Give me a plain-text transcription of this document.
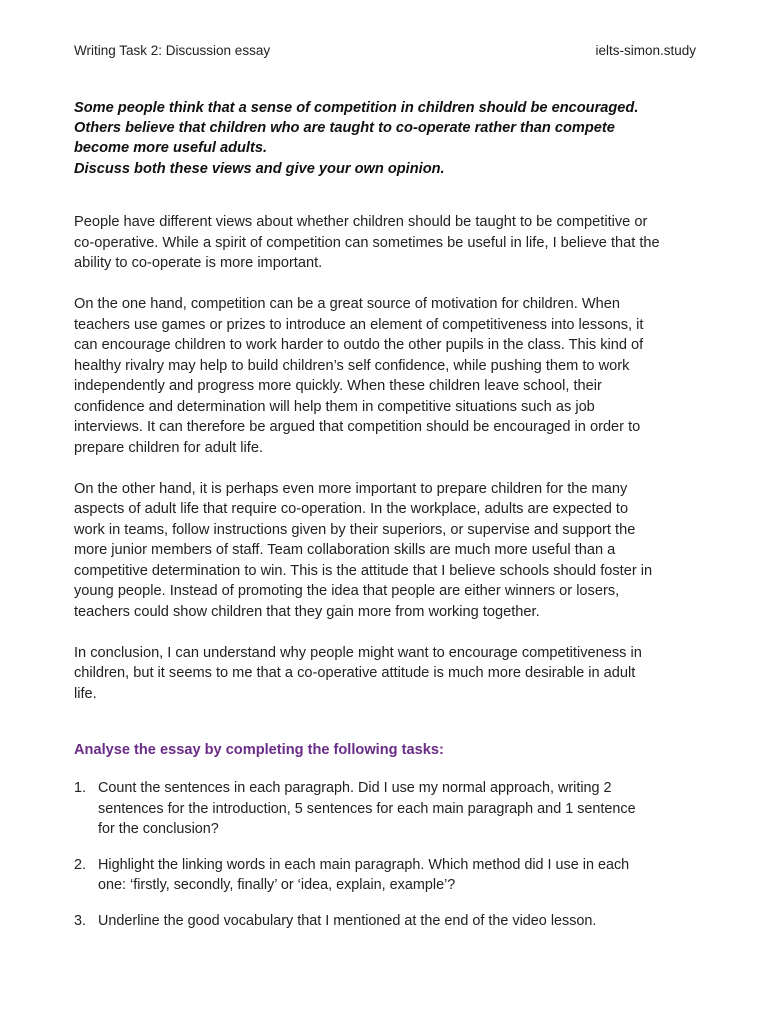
Writing Task 2: Discussion essay	ielts-simon.study
Some people think that a sense of competition in children should be encouraged.
Others believe that children who are taught to co-operate rather than compete
become more useful adults.
Discuss both these views and give your own opinion.

People have different views about whether children should be taught to be competitive or
co-operative. While a spirit of competition can sometimes be useful in life, I believe that the
ability to co-operate is more important.

On the one hand, competition can be a great source of motivation for children. When
teachers use games or prizes to introduce an element of competitiveness into lessons, it
can encourage children to work harder to outdo the other pupils in the class. This kind of
healthy rivalry may help to build children’s self confidence, while pushing them to work
independently and progress more quickly. When these children leave school, their
confidence and determination will help them in competitive situations such as job
interviews. It can therefore be argued that competition should be encouraged in order to
prepare children for adult life.

On the other hand, it is perhaps even more important to prepare children for the many
aspects of adult life that require co-operation. In the workplace, adults are expected to
work in teams, follow instructions given by their superiors, or supervise and support the
more junior members of staff. Team collaboration skills are much more useful than a
competitive determination to win. This is the attitude that I believe schools should foster in
young people. Instead of promoting the idea that people are either winners or losers,
teachers could show children that they gain more from working together.

In conclusion, I can understand why people might want to encourage competitiveness in
children, but it seems to me that a co-operative attitude is much more desirable in adult
life.

Analyse the essay by completing the following tasks:
1. Count the sentences in each paragraph. Did I use my normal approach, writing 2
sentences for the introduction, 5 sentences for each main paragraph and 1 sentence
for the conclusion?
2. Highlight the linking words in each main paragraph. Which method did I use in each
one: ‘firstly, secondly, finally’ or ‘idea, explain, example’?
3. Underline the good vocabulary that I mentioned at the end of the video lesson.
